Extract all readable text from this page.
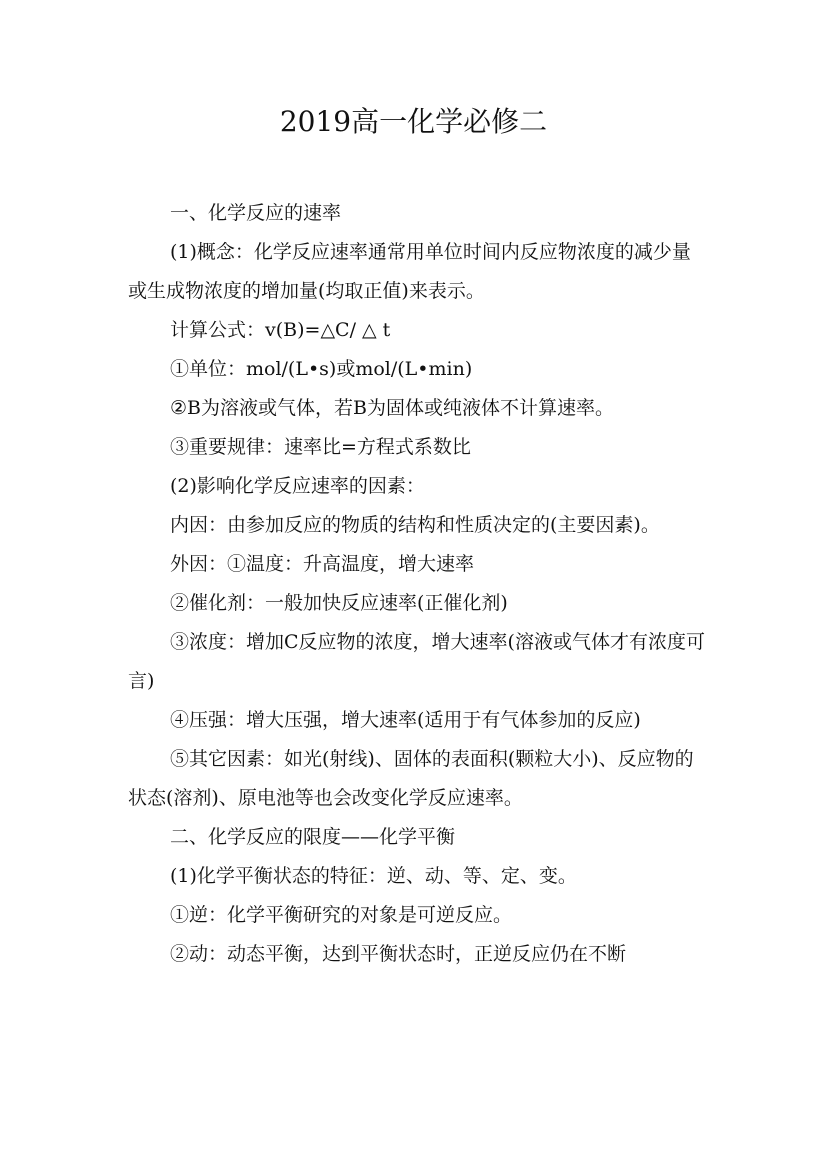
2019高一化学必修二

一、化学反应的速率

(1)概念：化学反应速率通常用单位时间内反应物浓度的减少量或生成物浓度的增加量(均取正值)来表示。

计算公式：v(B)=△C/ △ t

①单位：mol/(L•s)或mol/(L•min)

②B为溶液或气体，若B为固体或纯液体不计算速率。

③重要规律：速率比=方程式系数比

(2)影响化学反应速率的因素：

内因：由参加反应的物质的结构和性质决定的(主要因素)。

外因：①温度：升高温度，增大速率

②催化剂：一般加快反应速率(正催化剂)

③浓度：增加C反应物的浓度，增大速率(溶液或气体才有浓度可言)

④压强：增大压强，增大速率(适用于有气体参加的反应)

⑤其它因素：如光(射线)、固体的表面积(颗粒大小)、反应物的状态(溶剂)、原电池等也会改变化学反应速率。

二、化学反应的限度——化学平衡

(1)化学平衡状态的特征：逆、动、等、定、变。

①逆：化学平衡研究的对象是可逆反应。

②动：动态平衡，达到平衡状态时，正逆反应仍在不断
